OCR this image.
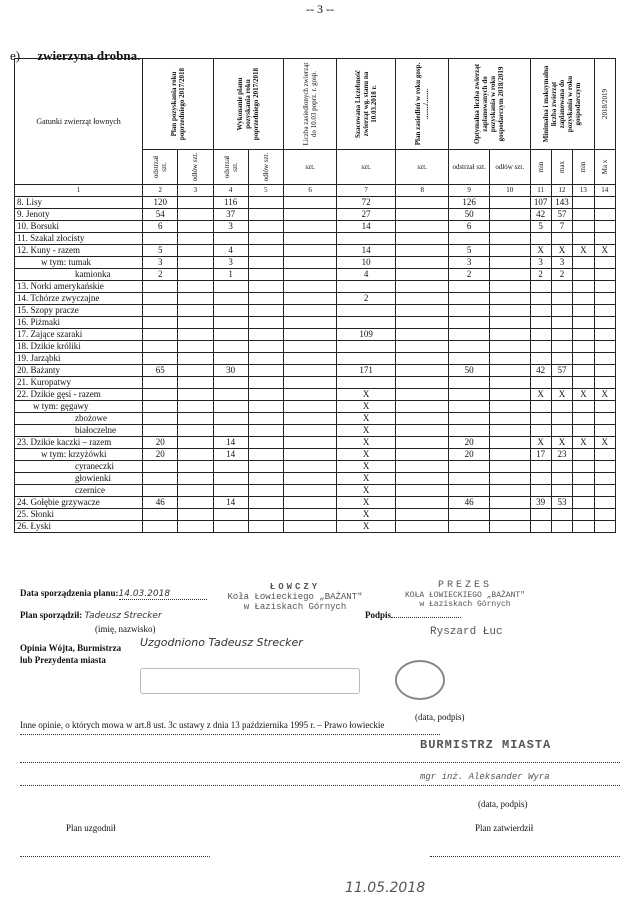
-- 3 --
e) zwierzyna drobna.
Gatunki zwierząt łownych	Plan pozyskania roku poprzedniego 2017/2018		Wykonanie planu pozyskania roku poprzedniego 2017/2018		Liczba zasiedlonych zwierząt do 10.03 poprz. r. gosp.	Szacowana Liczebność zwierząt wg. stanu na 10.03.2018 r.	Plan zasiedleń w roku gosp. ......../........	Optymalna liczba zwierząt zaplanowanych do pozyskania w roku gospodarczym 2018/2019		Minimalna i maksymalna liczba zwierząt zaplanowana do pozyskania w roku gospodarczym			2018/2019

	odstrzał szt.	odłów szt.	odstrzał szt.	odłów szt.	szt.	szt.	szt.	odstrzał szt.	odłów szt.	min	max	min	Ma x

1	2	3	4	5	6	7	8	9	10	11	12	13	14
8. Lisy	120		116			72		126		107	143		
9. Jenoty	54		37			27		50		42	57		
10. Borsuki	6		3			14		6		5	7		
11. Szakal złocisty													
12. Kuny - razem	5		4			14		5		X	X	X	X
w tym: tumak	3		3			10		3		3	3		
kamionka	2		1			4		2		2	2		
13. Norki amerykańskie													
14. Tchórze zwyczajne						2							
15. Szopy pracze													
16. Piżmaki													
17. Zające szaraki						109							
18. Dzikie króliki													
19. Jarząbki													
20. Bażanty	65		30			171		50		42	57		
21. Kuropatwy													
22. Dzikie gęsi - razem						X				X	X	X	X
w tym: gęgawy						X							
zbożowe						X							
białoczelne						X							
23. Dzikie kaczki – razem	20		14			X		20		X	X	X	X
w tym: krzyżówki	20		14			X		20		17	23		
cyraneczki						X							
głowienki						X							
czernice						X							
24. Gołębie grzywacze	46		14			X		46		39	53		
25. Słonki						X							
26. Łyski						X							
Data sporządzenia planu:14.03.2018
ŁOWCZY
Koła Łowieckiego „BAŻANT"
w Łaziskach Górnych
Plan sporządził: Tadeusz Strecker
(imię, nazwisko)
Podpis
PREZES
KOŁA ŁOWIECKIEGO „BAŻANT"
w Łaziskach Górnych
Ryszard Łuc
Uzgodniono Tadeusz Strecker
Opinia Wójta, Burmistrza
lub Prezydenta miasta
(data, podpis)
Inne opinie, o których mowa w art.8 ust. 3c ustawy z dnia 13 października 1995 r. – Prawo łowieckie
BURMISTRZ MIASTA
mgr inż. Aleksander Wyra
(data, podpis)
Plan uzgodnił	Plan zatwierdził
11.05.2018
